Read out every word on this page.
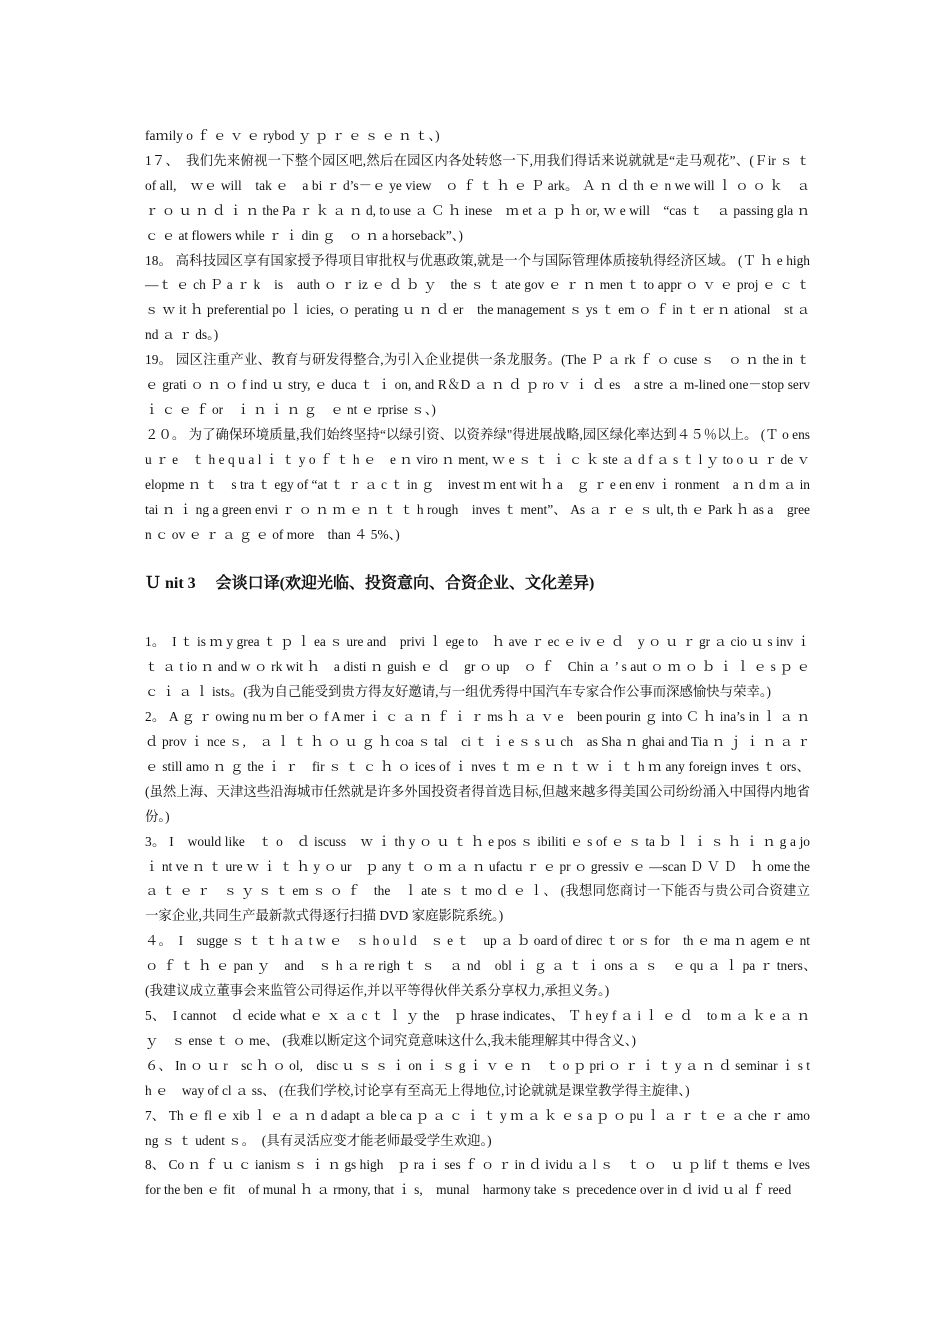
faｍily o ｆ ｅ ｖ ｅ rybod ｙ ｐ ｒ ｅ ｓ ｅ ｎ ｔ、)

1７、　我们先来俯视一下整个园区吧,然后在园区内各处转悠一下,用我们得话来说就就是“走马观花”、(Ｆir ｓ ｔ　of all,　ｗｅ will　tak ｅ　a bi ｒ d’s－ｅ ye view　ｏ ｆ ｔ ｈ ｅ Ｐ ark。 Ａ ｎ ｄ th ｅ n we will ｌ ｏ ｏ ｋ　ａ ｒ ｏ ｕ ｎ ｄ ｉ ｎ the Pa ｒ ｋ ａ ｎ d, to use ａ Ｃ ｈ inese　ｍ et ａ ｐ ｈ or, ｗ e will　“cas ｔ　ａ passing gla ｎ ｃ ｅ at flowers while ｒ ｉ din ｇ　ｏ ｎ a horseback”、)

18。 高科技园区享有国家授予得项目审批权与优惠政策,就是一个与国际管理体质接轨得经济区域。 (Ｔ ｈ e high—ｔ ｅ ch Ｐ a ｒ k　is　auth ｏ ｒ iz ｅ ｄ ｂ ｙ　the ｓ ｔ ate gov ｅ ｒ ｎ men ｔ to appr ｏ ｖ ｅ proj ｅ ｃ ｔ ｓ ｗ it ｈ preferential po ｌ icies, ｏ perating ｕ ｎ ｄ er　the management ｓ ys ｔ em ｏ ｆ in ｔ er ｎ ational　st ａ nd ａ ｒ ds。)

19。 园区注重产业、教育与研发得整合,为引入企业提供一条龙服务。(The Ｐ ａ rk ｆ ｏ cuse ｓ　ｏ ｎ the in ｔ ｅ grati ｏ ｎ ｏ f ind ｕ stry, ｅ duca ｔ ｉ on, and R＆D ａ ｎ ｄ ｐ ro ｖ ｉ ｄ es　a stre ａ m-lined one－stop serv ｉ ｃ ｅ ｆ or　ｉ ｎ ｉ ｎ ｇ　ｅ nt ｅ rprise ｓ、)

２０。 为了确保环境质量,我们始终坚持“以绿引资、以资养绿"得进展战略,园区绿化率达到４５％以上。 (Ｔ o ensu ｒ e　ｔ h e q u a l ｉ ｔ y o ｆ ｔ h ｅ　e ｎ viro ｎ ment, ｗ e ｓ ｔ ｉ ｃ ｋ ste ａ d f ａ s ｔ l ｙ to o ｕ ｒ de ｖ elopme ｎ ｔ　s tra ｔ egy of “at ｔ ｒ ａ c ｔ in ｇ　invest ｍ ent wit ｈ a　ｇ ｒ e en env ｉ ronment　a ｎ d m ａ intai ｎ ｉ ng a green envi ｒ ｏ ｎ ｍ ｅ ｎ ｔ ｔ h rough　inves ｔ ment”、 As ａ ｒ ｅ ｓ ult, th ｅ Park ｈ as a　green ｃ ov ｅ ｒ ａ ｇ ｅ of more　than ４ 5%、)

Ｕ nit 3　 会谈口译(欢迎光临、投资意向、合资企业、文化差异)

1。　I ｔ is ｍ y grea ｔ ｐ ｌ ea ｓ ure and　privi ｌ ege to　ｈ ave ｒ ec ｅ iv ｅ ｄ　y ｏ ｕ ｒ gr ａ cio ｕ s inv ｉ ｔ ａ t io ｎ and w ｏ rk wit ｈ　a disti ｎ guish ｅ ｄ　gr ｏ up　ｏ ｆ　Chin ａ ’ s aut ｏ ｍ ｏ ｂ ｉ ｌ ｅ s ｐ ｅ ｃ ｉ ａ ｌ ists。(我为自己能受到贵方得友好邀请,与一组优秀得中国汽车专家合作公事而深感愉快与荣幸。)

2。 A ｇ ｒ owing nu ｍ ber ｏ f A mer ｉ ｃ ａ ｎ ｆ ｉ ｒ ms ｈ ａ ｖ e　been pourin ｇ into Ｃ ｈ ina’s in ｌ ａ ｎ ｄ prov ｉ nce ｓ,　ａ ｌ ｔ ｈ ｏ ｕ ｇ ｈ coa ｓ tal　ci ｔ ｉ e ｓ s ｕ ch　as Sha ｎ ghai and Tia ｎ ｊ ｉ ｎ ａ ｒ ｅ still amo ｎ ｇ the ｉ ｒ　fir ｓ ｔ ｃ ｈ ｏ ices of ｉ nves ｔ ｍ ｅ ｎ ｔ ｗ ｉ ｔ h ｍ any foreign inves ｔ ors、 (虽然上海、天津这些沿海城市任然就是许多外国投资者得首选目标,但越来越多得美国公司纷纷涌入中国得内地省份。)

3。 I　would like　ｔ o　ｄ iscuss　ｗ ｉ th y ｏ ｕ ｔ ｈ e pos ｓ ibiliti ｅ s of ｅ ｓ ta ｂ ｌ ｉ ｓ ｈ ｉ ｎ g a jo ｉ nt ve ｎ ｔ ure ｗ ｉ ｔ ｈ y ｏ ur　ｐ any ｔ ｏ ｍ ａ ｎ ufactu ｒ ｅ pr ｏ gressiv ｅ —scan Ｄ Ｖ Ｄ　ｈ ome the ａ ｔ ｅ ｒ　ｓ ｙ ｓ ｔ em ｓ ｏ ｆ　the　ｌ ate ｓ ｔ mo ｄ ｅ ｌ、 (我想同您商讨一下能否与贵公司合资建立一家企业,共同生产最新款式得逐行扫描 DVD 家庭影院系统。)

４。　I　sugge ｓ ｔ ｔ h ａ t w ｅ　ｓ h o u l d　ｓ e ｔ　up ａ ｂ oard of direc ｔ or ｓ for　th ｅ ma ｎ agem ｅ nt ｏ ｆ ｔ ｈ ｅ pan ｙ　and　ｓ h ａ re righ ｔ ｓ　ａ nd　obl ｉ ｇ ａ ｔ ｉ ons ａ ｓ　ｅ qu ａ ｌ pa ｒ tners、　(我建议成立董事会来监管公司得运作,并以平等得伙伴关系分享权力,承担义务。)

5、　I cannot　ｄ ecide what ｅ ｘ ａ c ｔ ｌ ｙ the　ｐ hrase indicates、 Ｔ h ey f ａ i ｌ ｅ ｄ　to m ａ ｋ e ａ ｎ ｙ　ｓ ense ｔ ｏ me、 (我难以断定这个词究竟意味这什么,我未能理解其中得含义、)

６、 In ｏ ｕ r　sc ｈ ｏ ol,　disc ｕ ｓ ｓ ｉ on ｉ ｓ g ｉ ｖ ｅ ｎ　ｔ o ｐ pri ｏ ｒ ｉ ｔ y ａ ｎ ｄ seminar ｉ s th ｅ　way of cl ａ ss、 (在我们学校,讨论享有至高无上得地位,讨论就就是课堂教学得主旋律、)

7、 Th ｅ fl ｅ xib ｌ ｅ ａ ｎ d adapt ａ ble ca ｐ ａ ｃ ｉ ｔ y ｍ ａ ｋ ｅ s a ｐ ｏ pu ｌ ａ ｒ ｔ ｅ ａ che ｒ among ｓ ｔ udent ｓ。　(具有灵活应变才能老师最受学生欢迎。)

8、 Co ｎ ｆ ｕ ｃ ianism ｓ ｉ ｎ gs high　ｐ ra ｉ ses ｆ ｏ ｒ in ｄ ividu ａ l ｓ　ｔ ｏ　ｕ ｐ lif ｔ thems ｅ lves for the ben ｅ fit　of munal ｈ ａ rmony, that ｉ s,　munal　harmony take ｓ precedence over in ｄ ivid ｕ al ｆ reed
